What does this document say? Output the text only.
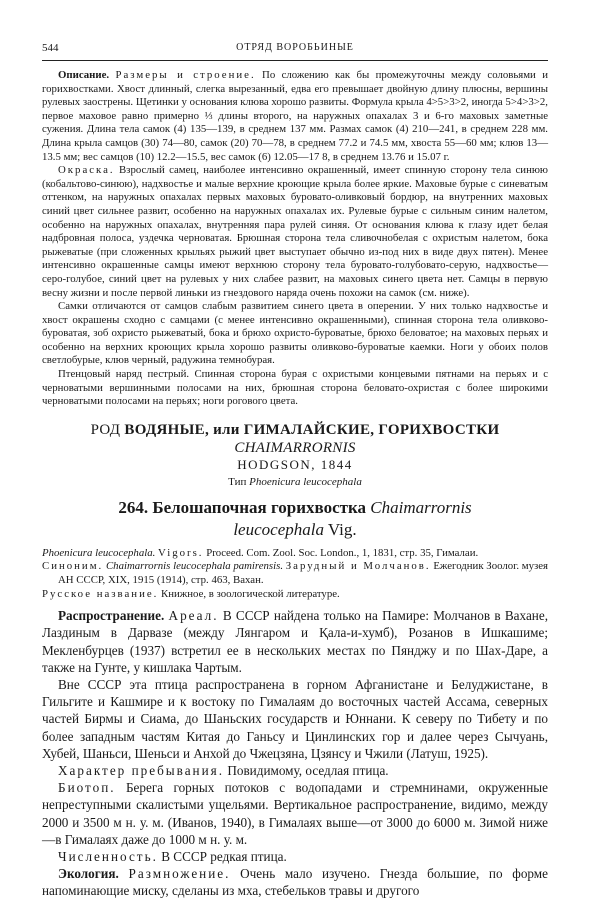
544	ОТРЯД ВОРОБЬИНЫЕ

Описание. Размеры и строение. По сложению как бы промежуточны между соловьями и горихвостками. Хвост длинный, слегка вырезанный, едва его превышает двойную длину плюсны, вершины рулевых заострены. Щетинки у основания клюва хорошо развиты. Формула крыла 4>5>3>2, иногда 5>4>3>2, первое маховое равно примерно ⅓ длины второго, на наружных опахалах 3 и 6-го маховых заметные сужения. Длина тела самок (4) 135—139, в среднем 137 мм. Размах самок (4) 210—241, в среднем 228 мм. Длина крыла самцов (30) 74—80, самок (20) 70—78, в среднем 77.2 и 74.5 мм, хвоста 55—60 мм; клюв 13—13.5 мм; вес самцов (10) 12.2—15.5, вес самок (6) 12.05—17 8, в среднем 13.76 и 15.07 г.

Окраска. Взрослый самец, наиболее интенсивно окрашенный, имеет спинную сторону тела синюю (кобальтово-синюю), надхвостье и малые верхние кроющие крыла более яркие. Маховые бурые с синеватым оттенком, на наружных опахалах первых маховых буровато-оливковый бордюр, на внутренних маховых синий цвет сильнее развит, особенно на наружных опахалах их. Рулевые бурые с сильным синим налетом, особенно на наружных опахалах, внутренняя пара рулей синяя. От основания клюва к глазу идет белая надбровная полоса, уздечка черноватая. Брюшная сторона тела сливочнобелая с охристым налетом, бока рыжеватые (при сложенных крыльях рыжий цвет выступает обычно из-под них в виде двух пятен). Менее интенсивно окрашенные самцы имеют верхнюю сторону тела буровато-голубовато-серую, надхвостье—серо-голубое, синий цвет на рулевых у них слабее развит, на маховых синего цвета нет. Самцы в первую весну жизни и после первой линьки из гнездового наряда очень похожи на самок (см. ниже).

Самки отличаются от самцов слабым развитием синего цвета в оперении. У них только надхвостье и хвост окрашены сходно с самцами (с менее интенсивно окрашенными), спинная сторона тела оливково-буроватая, зоб охристо рыжеватый, бока и брюхо охристо-буроватые, брюхо беловатое; на маховых перьях и особенно на верхних кроющих крыла хорошо развиты оливково-буроватые каемки. Ноги у обоих полов светлобурые, клюв черный, радужина темнобурая.

Птенцовый наряд пестрый. Спинная сторона бурая с охристыми концевыми пятнами на перьях и с черноватыми вершинными полосами на них, брюшная сторона беловато-охристая с более широкими черноватыми полосами на перьях; ноги рогового цвета.

РОД ВОДЯНЫЕ, или ГИМАЛАЙСКИЕ, ГОРИХВОСТКИ CHAIMARRORNIS

HODGSON, 1844

Тип Phoenicura leucocephala

264. Белошапочная горихвостка Chaimarrornis

leucocephala Vig.

Phoenicura leucocephala. Vigors. Proceed. Com. Zool. Soc. London., 1, 1831, стр. 35, Гималаи.

Синоним. Chaimarrornis leucocephala pamirensis. Зарудный и Молчанов. Ежегодник Зоолог. музея АН СССР, XIX, 1915 (1914), стр. 463, Вахан.

Русское название. Книжное, в зоологической литературе.

Распространение. Ареал. В СССР найдена только на Памире: Молчанов в Вахане, Лаздиным в Дарвазе (между Лянгаром и Қала-и-хумб), Розанов в Ишкашиме; Мекленбурцев (1937) встретил ее в нескольких местах по Пянджу и по Шах-Даре, а также на Гунте, у кишлака Чартым.

Вне СССР эта птица распространена в горном Афганистане и Белуджистане, в Гильгите и Кашмире и к востоку по Гималаям до восточных частей Ассама, северных частей Бирмы и Сиама, до Шаньских государств и Юннани. К северу по Тибету и по более западным частям Китая до Ганьсу и Цинлинских гор и далее через Сычуань, Хубей, Шаньси, Шеньси и Анхой до Чжецзяна, Цзянсу и Чжили (Латуш, 1925).

Характер пребывания. Повидимому, оседлая птица.

Биотоп. Берега горных потоков с водопадами и стремнинами, окруженные непреступными скалистыми ущельями. Вертикальное распространение, видимо, между 2000 и 3500 м н. у. м. (Иванов, 1940), в Гималаях выше—от 3000 до 6000 м. Зимой ниже—в Гималаях даже до 1000 м н. у. м.

Численность. В СССР редкая птица.

Экология. Размножение. Очень мало изучено. Гнезда большие, по форме напоминающие миску, сделаны из мха, стебельков травы и другого
